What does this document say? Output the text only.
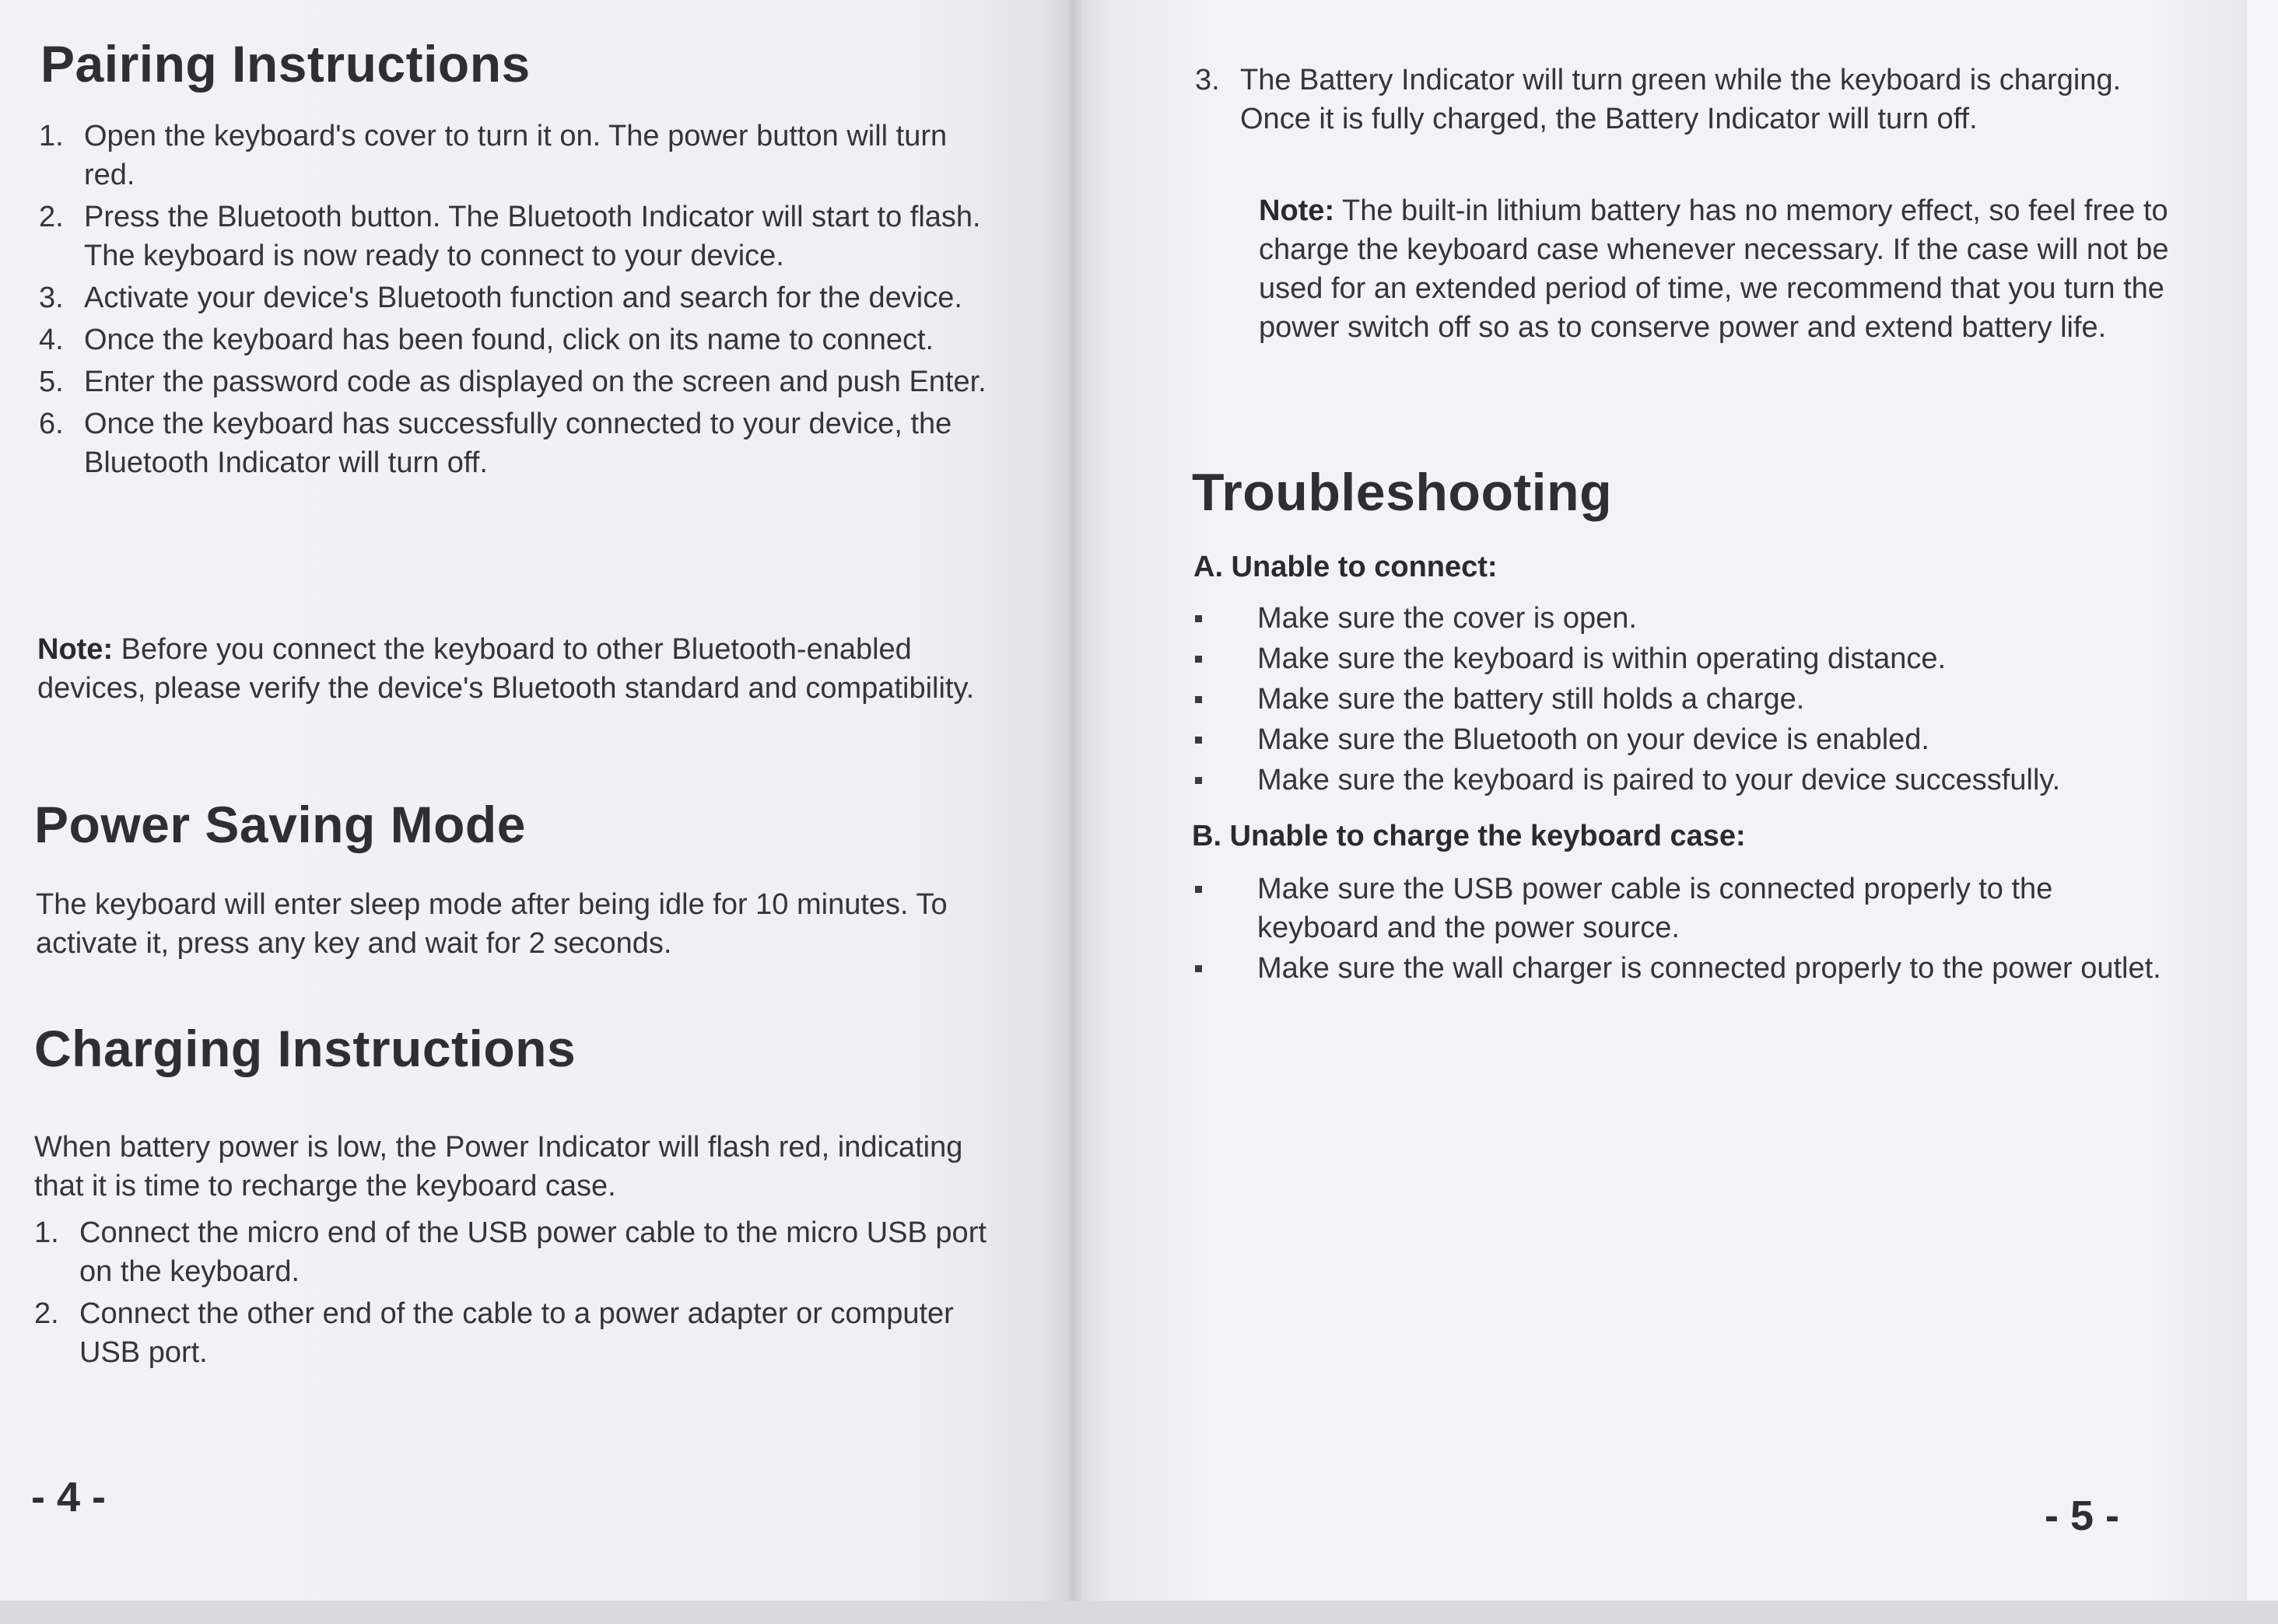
Pairing Instructions
1. Open the keyboard's cover to turn it on. The power button will turn red.
2. Press the Bluetooth button. The Bluetooth Indicator will start to flash. The keyboard is now ready to connect to your device.
3. Activate your device's Bluetooth function and search for the device.
4. Once the keyboard has been found, click on its name to connect.
5. Enter the password code as displayed on the screen and push Enter.
6. Once the keyboard has successfully connected to your device, the Bluetooth Indicator will turn off.

Note: Before you connect the keyboard to other Bluetooth-enabled devices, please verify the device's Bluetooth standard and compatibility.

Power Saving Mode

The keyboard will enter sleep mode after being idle for 10 minutes. To activate it, press any key and wait for 2 seconds.

Charging Instructions

When battery power is low, the Power Indicator will flash red, indicating that it is time to recharge the keyboard case.

1. Connect the micro end of the USB power cable to the micro USB port on the keyboard.
2. Connect the other end of the cable to a power adapter or computer USB port.
- 4 -
3. The Battery Indicator will turn green while the keyboard is charging. Once it is fully charged, the Battery Indicator will turn off.

Note: The built-in lithium battery has no memory effect, so feel free to charge the keyboard case whenever necessary. If the case will not be used for an extended period of time, we recommend that you turn the power switch off so as to conserve power and extend battery life.

Troubleshooting
A. Unable to connect:
Make sure the cover is open.
Make sure the keyboard is within operating distance.
Make sure the battery still holds a charge.
Make sure the Bluetooth on your device is enabled.
Make sure the keyboard is paired to your device successfully.
B. Unable to charge the keyboard case:
Make sure the USB power cable is connected properly to the keyboard and the power source.
Make sure the wall charger is connected properly to the power outlet.
- 5 -
